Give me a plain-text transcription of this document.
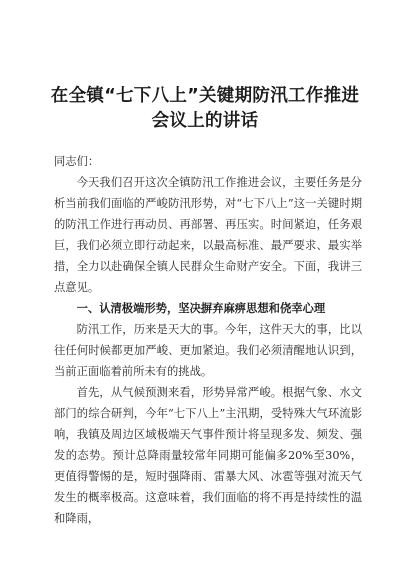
在全镇“七下八上”关键期防汛工作推进
会议上的讲话

同志们：

今天我们召开这次全镇防汛工作推进会议，主要任务是分析当前我们面临的严峻防汛形势，对“七下八上”这一关键时期的防汛工作进行再动员、再部署、再压实。时间紧迫，任务艰巨，我们必须立即行动起来，以最高标准、最严要求、最实举措，全力以赴确保全镇人民群众生命财产安全。下面，我讲三点意见。

一、认清极端形势，坚决摒弃麻痹思想和侥幸心理

防汛工作，历来是天大的事。今年，这件天大的事，比以往任何时候都更加严峻、更加紧迫。我们必须清醒地认识到，当前正面临着前所未有的挑战。

首先，从气候预测来看，形势异常严峻。根据气象、水文部门的综合研判，今年“七下八上”主汛期，受特殊大气环流影响，我镇及周边区域极端天气事件预计将呈现多发、频发、强发的态势。预计总降雨量较常年同期可能偏多20%至30%，更值得警惕的是，短时强降雨、雷暴大风、冰雹等强对流天气发生的概率极高。这意味着，我们面临的将不再是持续性的温和降雨，
